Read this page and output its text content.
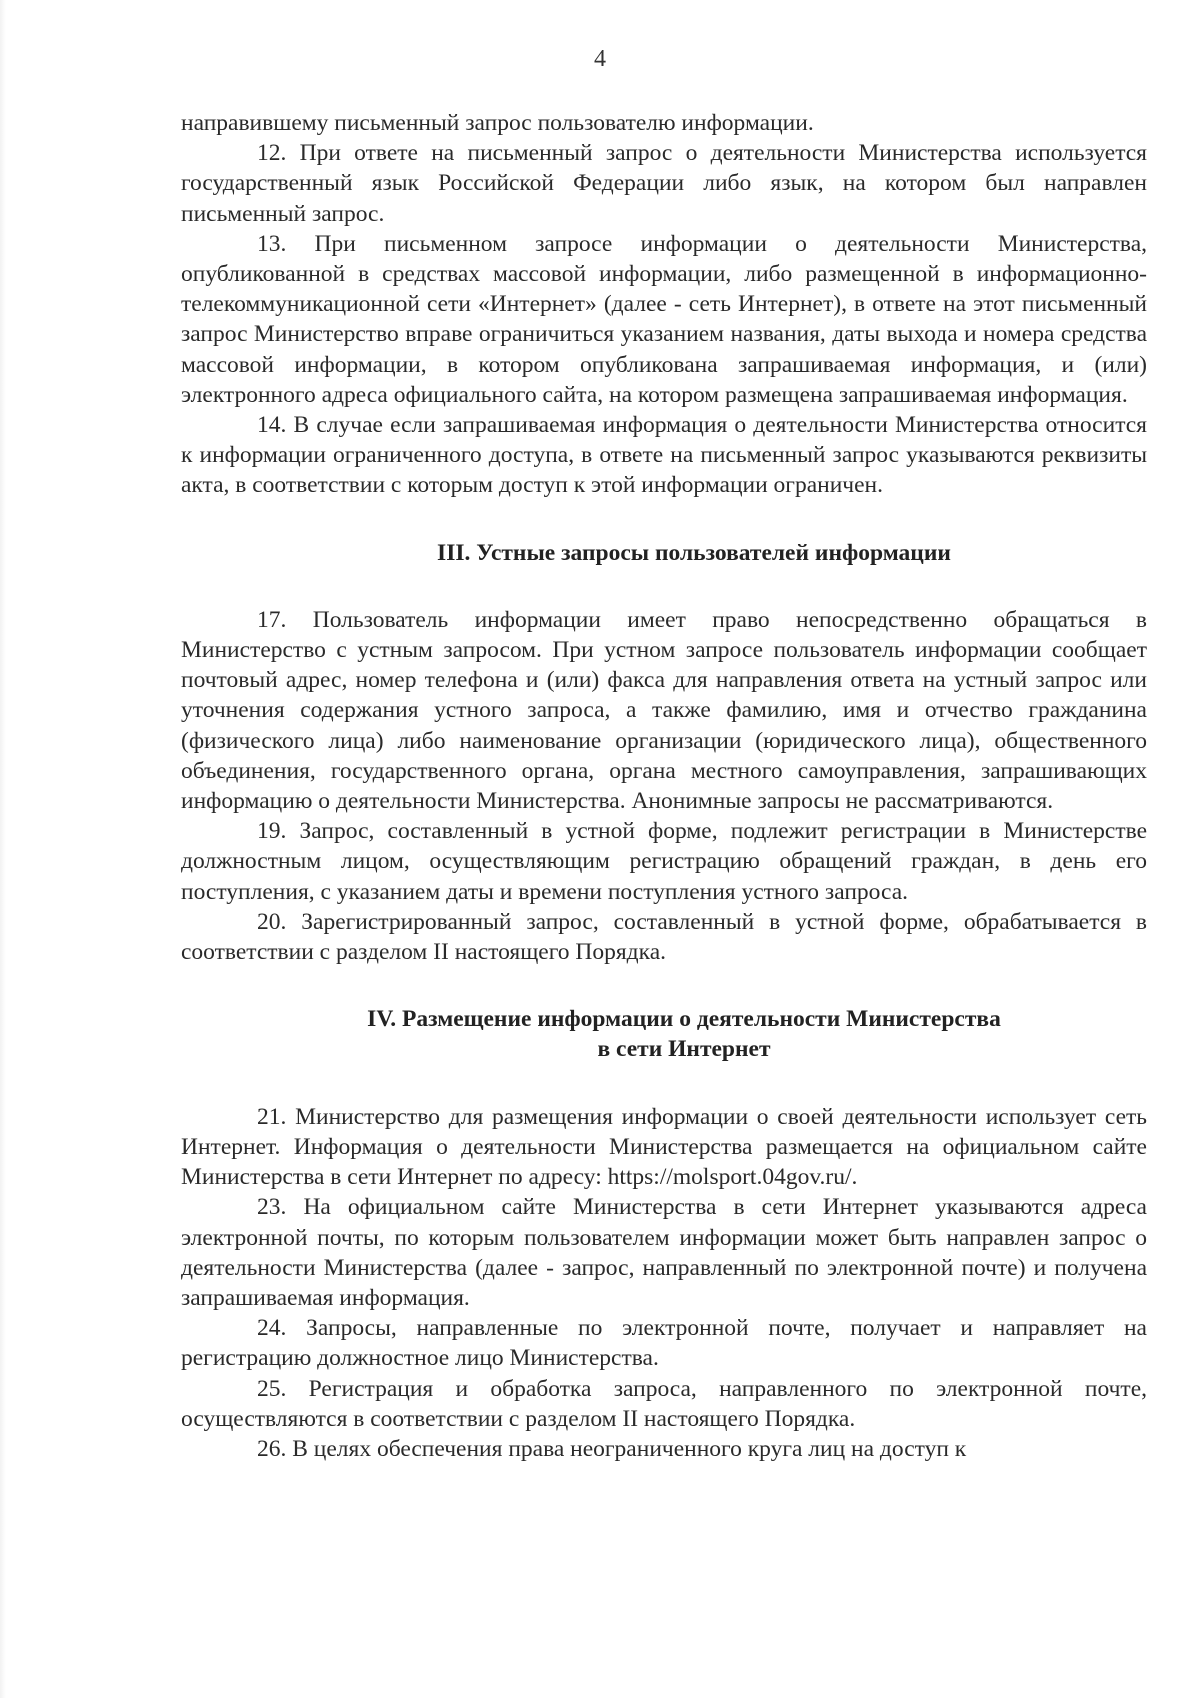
4

направившему письменный запрос пользователю информации.

12. При ответе на письменный запрос о деятельности Министерства используется государственный язык Российской Федерации либо язык, на котором был направлен письменный запрос.

13. При письменном запросе информации о деятельности Министерства, опубликованной в средствах массовой информации, либо размещенной в информационно-телекоммуникационной сети «Интернет» (далее - сеть Интернет), в ответе на этот письменный запрос Министерство вправе ограничиться указанием названия, даты выхода и номера средства массовой информации, в котором опубликована запрашиваемая информация, и (или) электронного адреса официального сайта, на котором размещена запрашиваемая информация.

14. В случае если запрашиваемая информация о деятельности Министерства относится к информации ограниченного доступа, в ответе на письменный запрос указываются реквизиты акта, в соответствии с которым доступ к этой информации ограничен.

III. Устные запросы пользователей информации

17. Пользователь информации имеет право непосредственно обращаться в Министерство с устным запросом. При устном запросе пользователь информации сообщает почтовый адрес, номер телефона и (или) факса для направления ответа на устный запрос или уточнения содержания устного запроса, а также фамилию, имя и отчество гражданина (физического лица) либо наименование организации (юридического лица), общественного объединения, государственного органа, органа местного самоуправления, запрашивающих информацию о деятельности Министерства. Анонимные запросы не рассматриваются.

19. Запрос, составленный в устной форме, подлежит регистрации в Министерстве должностным лицом, осуществляющим регистрацию обращений граждан, в день его поступления, с указанием даты и времени поступления устного запроса.

20. Зарегистрированный запрос, составленный в устной форме, обрабатывается в соответствии с разделом II настоящего Порядка.

IV. Размещение информации о деятельности Министерства
в сети Интернет

21. Министерство для размещения информации о своей деятельности использует сеть Интернет. Информация о деятельности Министерства размещается на официальном сайте Министерства в сети Интернет по адресу: https://molsport.04gov.ru/.

23. На официальном сайте Министерства в сети Интернет указываются адреса электронной почты, по которым пользователем информации может быть направлен запрос о деятельности Министерства (далее - запрос, направленный по электронной почте) и получена запрашиваемая информация.

24. Запросы, направленные по электронной почте, получает и направляет на регистрацию должностное лицо Министерства.

25. Регистрация и обработка запроса, направленного по электронной почте, осуществляются в соответствии с разделом II настоящего Порядка.

26. В целях обеспечения права неограниченного круга лиц на доступ к
